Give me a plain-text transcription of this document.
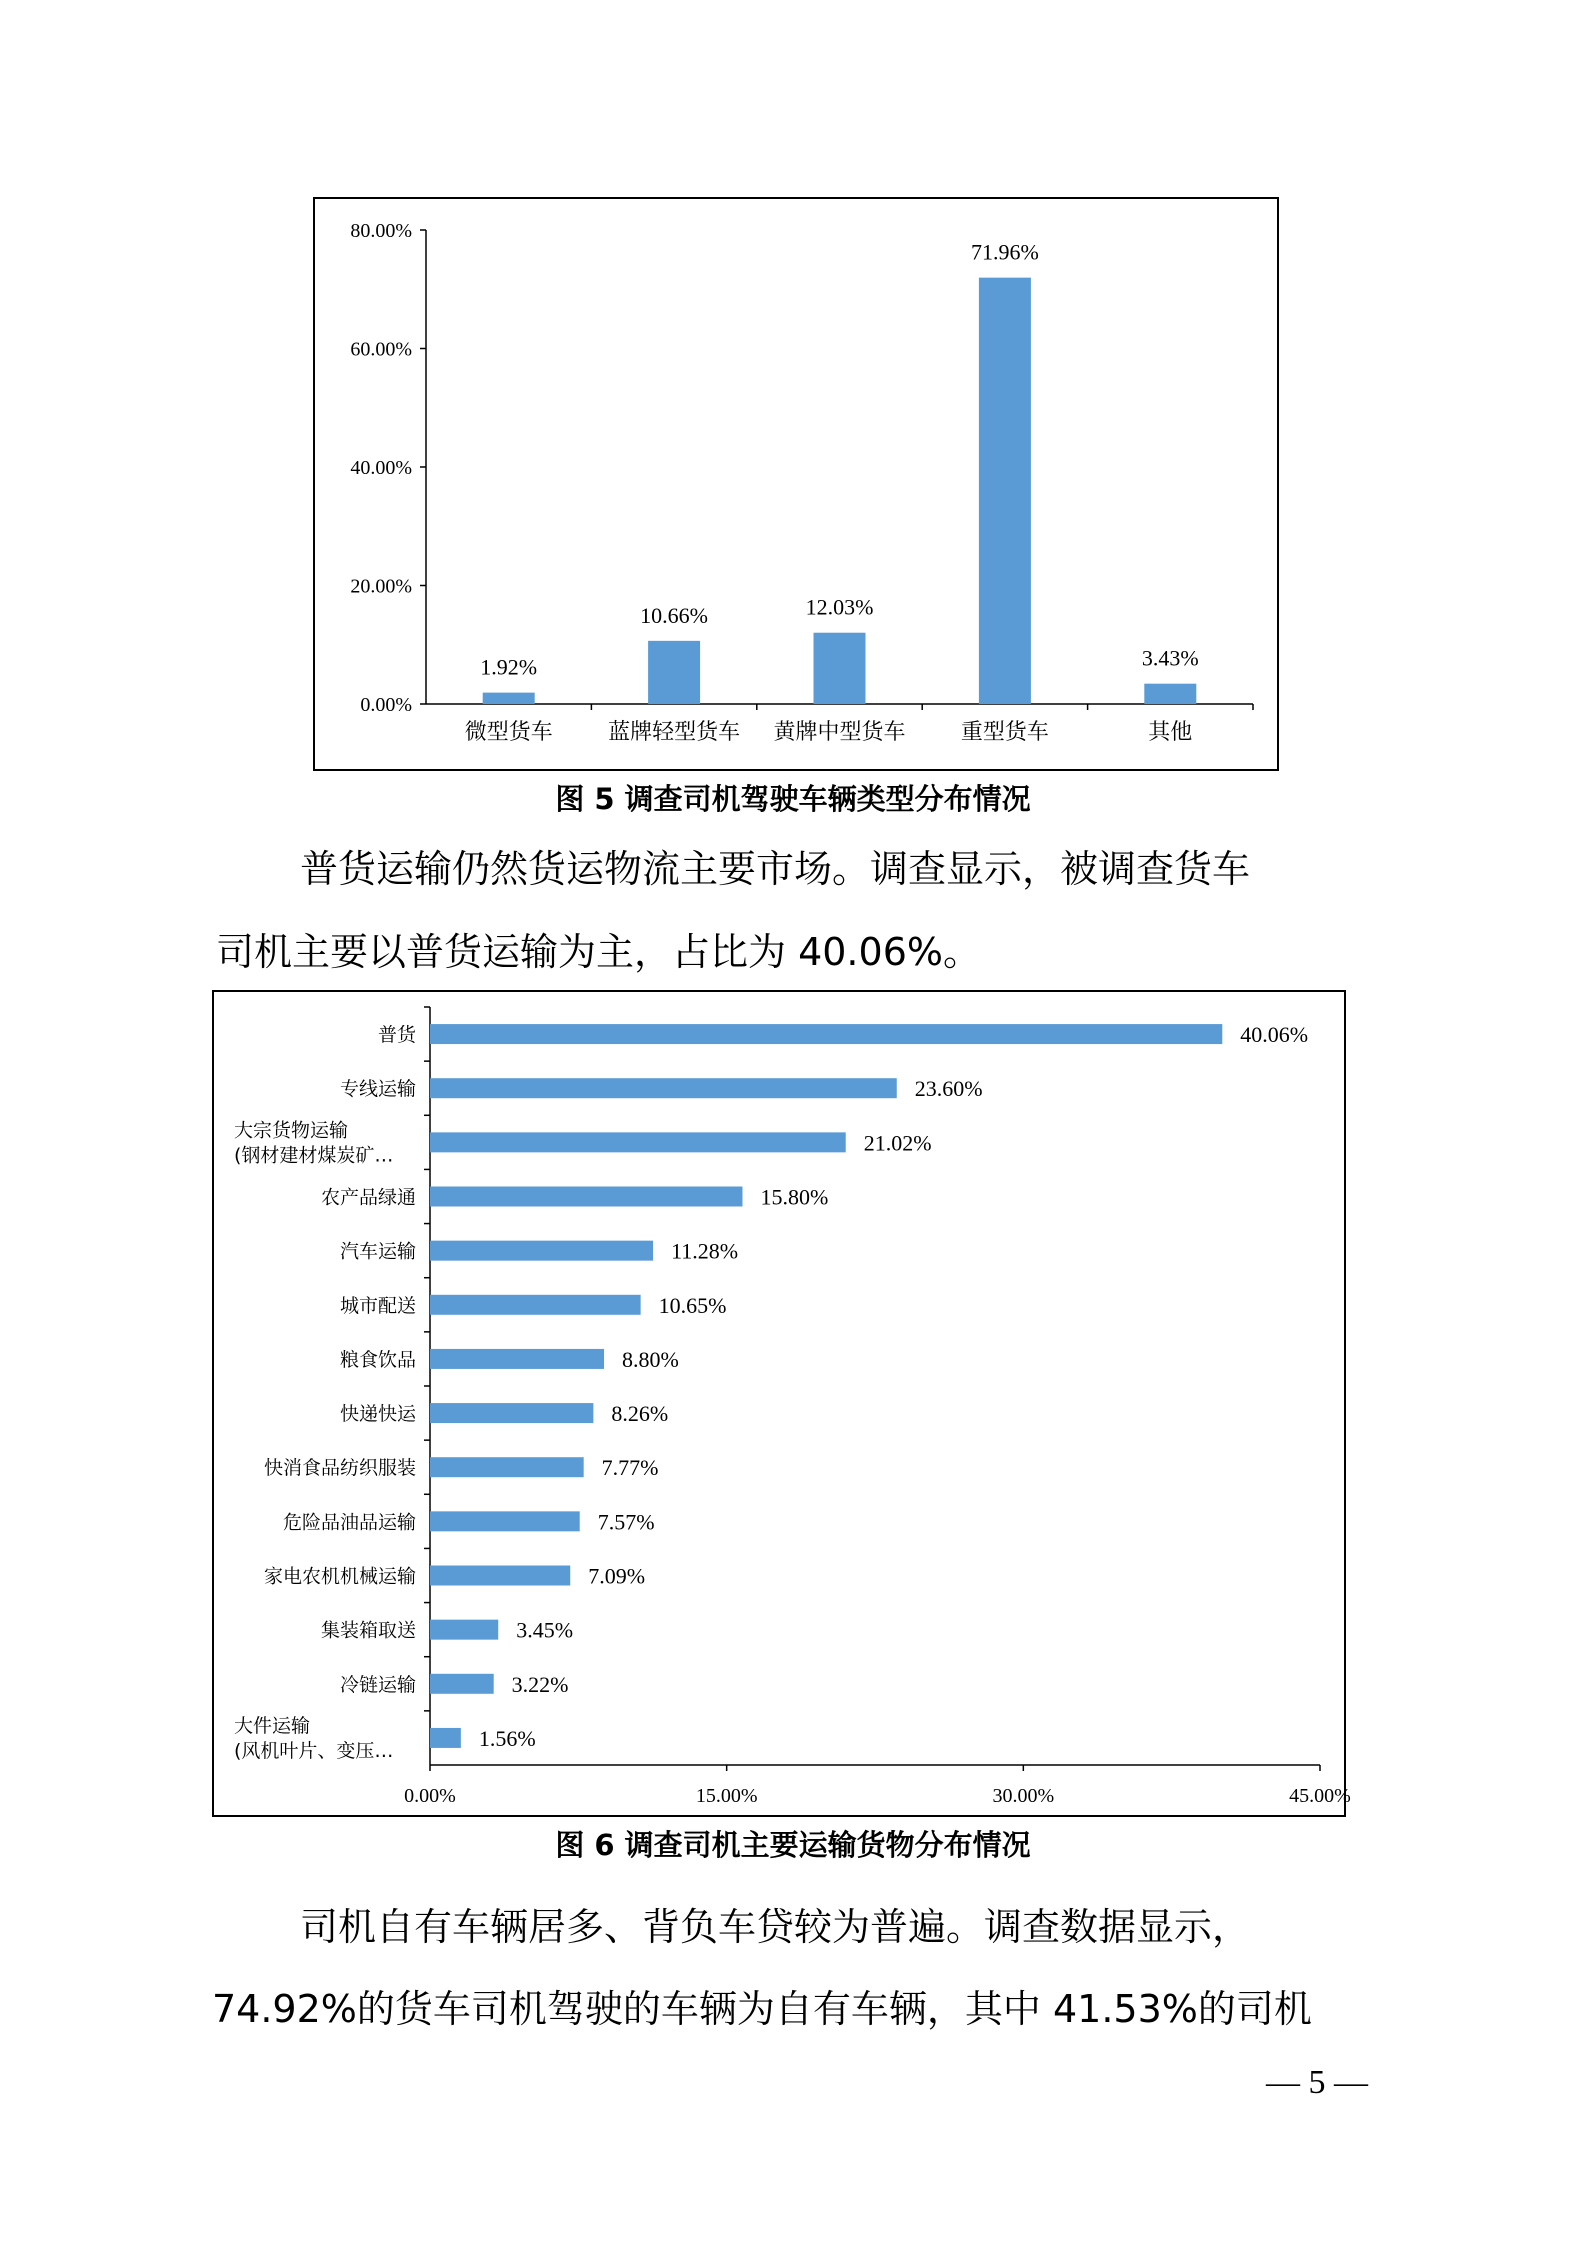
0.00%
20.00%
40.00%
60.00%
80.00%
1.92%
微型货车
10.66%
蓝牌轻型货车
12.03%
黄牌中型货车
71.96%
重型货车
3.43%
其他
图 5 调查司机驾驶车辆类型分布情况
普货运输仍然货运物流主要市场。调查显示，被调查货车
司机主要以普货运输为主，占比为 40.06%。
0.00%	15.00%	30.00%	45.00%
40.06%
普货
23.60%
专线运输
21.02%
大宗货物运输
(钢材建材煤炭矿…
15.80%
农产品绿通
11.28%
汽车运输
10.65%
城市配送
8.80%
粮食饮品
8.26%
快递快运
7.77%
快消食品纺织服装
7.57%
危险品油品运输
7.09%
家电农机机械运输
3.45%
集装箱取送
3.22%
冷链运输
1.56%
大件运输
(风机叶片、变压…
图 6 调查司机主要运输货物分布情况
司机自有车辆居多、背负车贷较为普遍。调查数据显示，
74.92%的货车司机驾驶的车辆为自有车辆，其中 41.53%的司机
— 5 —
